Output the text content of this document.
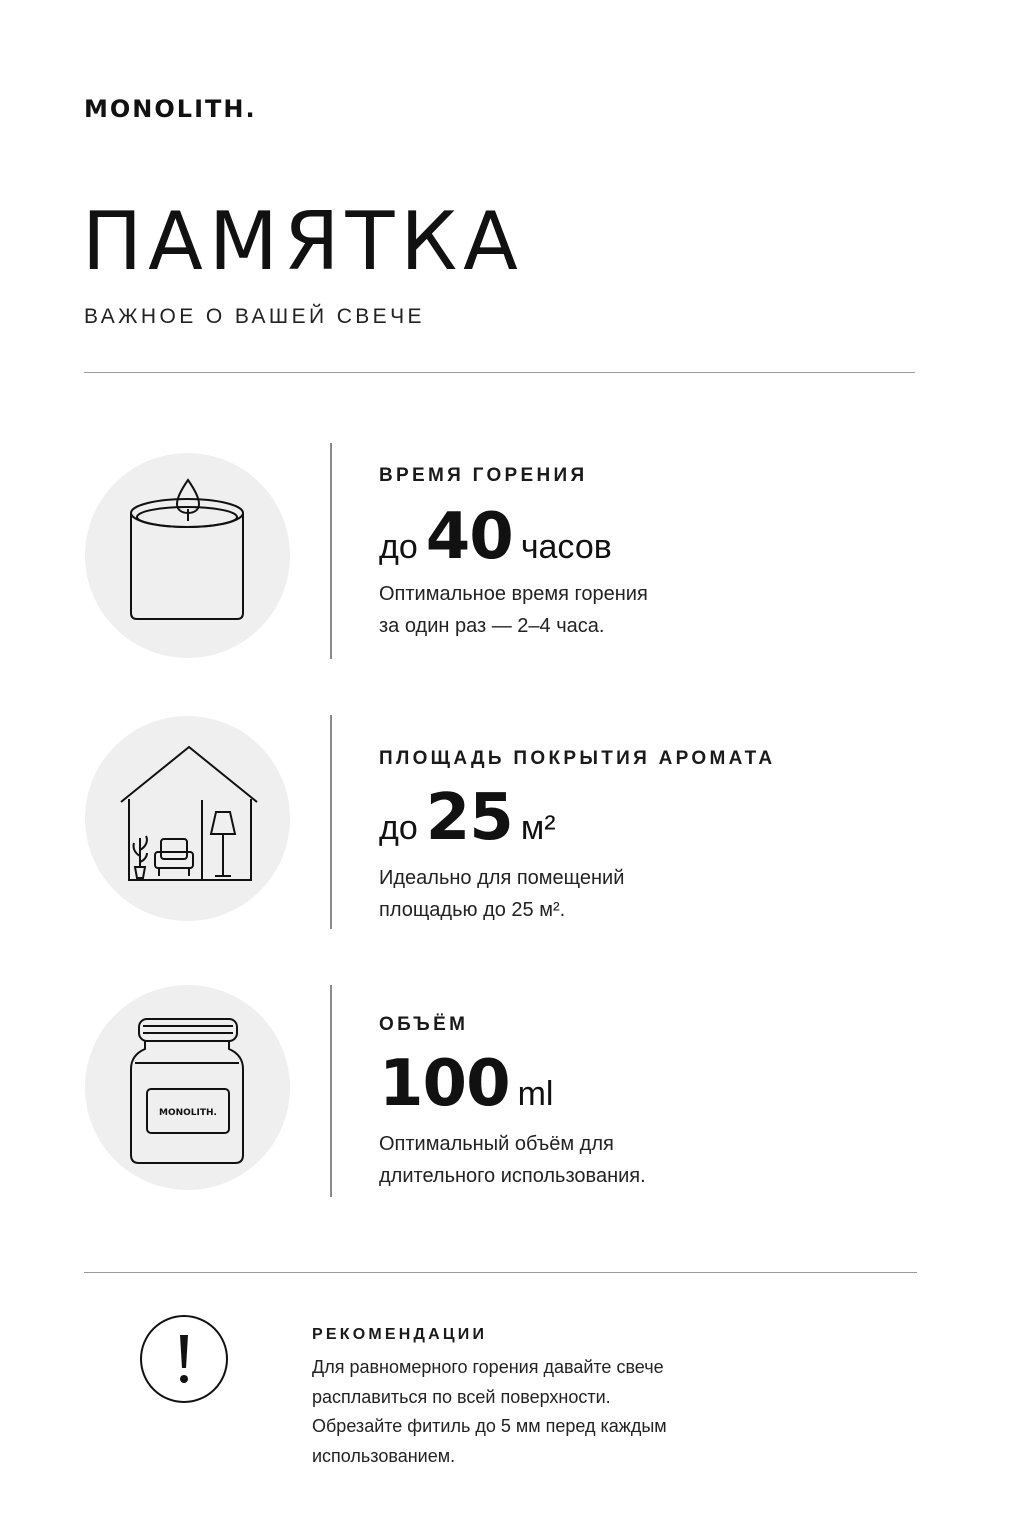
MONOLITH.
ПАМЯТКА
ВАЖНОЕ О ВАШЕЙ СВЕЧЕ
ВРЕМЯ ГОРЕНИЯ
до 40 часов
Оптимальное время горения
за один раз — 2–4 часа.
ПЛОЩАДЬ ПОКРЫТИЯ АРОМАТА
до 25 м²
Идеально для помещений
площадью до 25 м².
MONOLITH.
ОБЪЁМ
100 ml
Оптимальный объём для
длительного использования.
РЕКОМЕНДАЦИИ
Для равномерного горения давайте свече
расплавиться по всей поверхности.
Обрезайте фитиль до 5 мм перед каждым
использованием.
